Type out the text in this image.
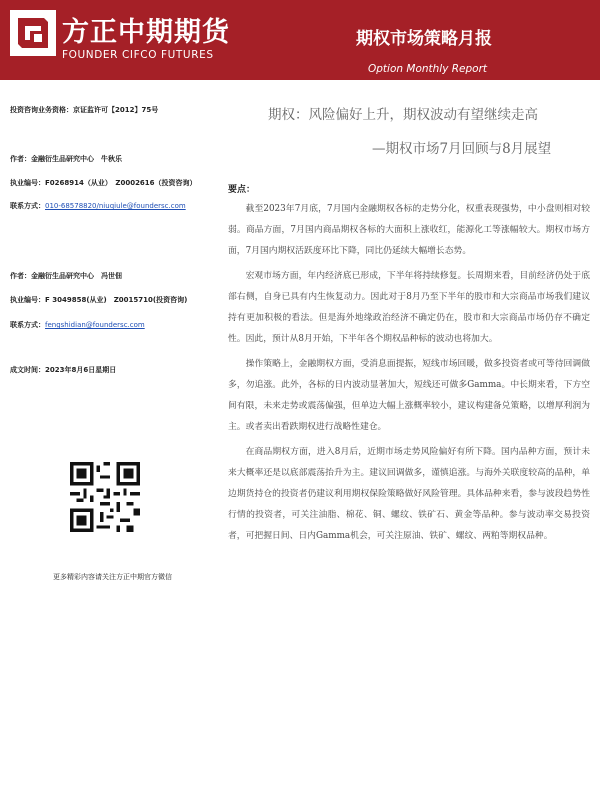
方正中期期货
FOUNDER CIFCO FUTURES
期权市场策略月报
Option Monthly Report
投资咨询业务资格：京证监许可【2012】75号
作者：金融衍生品研究中心　牛秋乐
执业编号：F0268914（从业）　Z0002616（投资咨询）
联系方式：010-68578820/niuqiule@foundersc.com
作者：金融衍生品研究中心　冯世佃
执业编号：F 3049858(从业)　Z0015710(投资咨询)
联系方式：fengshidian@foundersc.com
成文时间：2023年8月6日星期日
更多精彩内容请关注方正中期官方微信
期权：风险偏好上升，期权波动有望继续走高
—期权市场7月回顾与8月展望
要点：

截至2023年7月底，7月国内金融期权各标的走势分化，权重表现强势，中小盘则相对较弱。商品方面，7月国内商品期权各标的大面积上涨收红，能源化工等涨幅较大。期权市场方面，7月国内期权活跃度环比下降，同比仍延续大幅增长态势。

宏观市场方面，年内经济底已形成，下半年将持续修复。长周期来看，目前经济仍处于底部右侧，自身已具有内生恢复动力。因此对于8月乃至下半年的股市和大宗商品市场我们建议持有更加积极的看法。但是海外地缘政治经济不确定仍在，股市和大宗商品市场仍存不确定性。因此，预计从8月开始，下半年各个期权品种标的波动也将加大。

操作策略上，金融期权方面，受消息面提振，短线市场回暖，做多投资者或可等待回调做多，勿追涨。此外，各标的日内波动显著加大，短线还可做多Gamma。中长期来看，下方空间有限，未来走势或震荡偏强，但单边大幅上涨概率较小，建议构建备兑策略，以增厚利润为主。或者卖出看跌期权进行战略性建仓。

在商品期权方面，进入8月后，近期市场走势风险偏好有所下降。国内品种方面，预计未来大概率还是以底部震荡抬升为主。建议回调做多，谨慎追涨。与海外关联度较高的品种，单边期货持仓的投资者仍建议利用期权保险策略做好风险管理。具体品种来看，参与波段趋势性行情的投资者，可关注油脂、棉花、铜、螺纹、铁矿石、黄金等品种。参与波动率交易投资者，可把握日间、日内Gamma机会，可关注原油、铁矿、螺纹、两粕等期权品种。
